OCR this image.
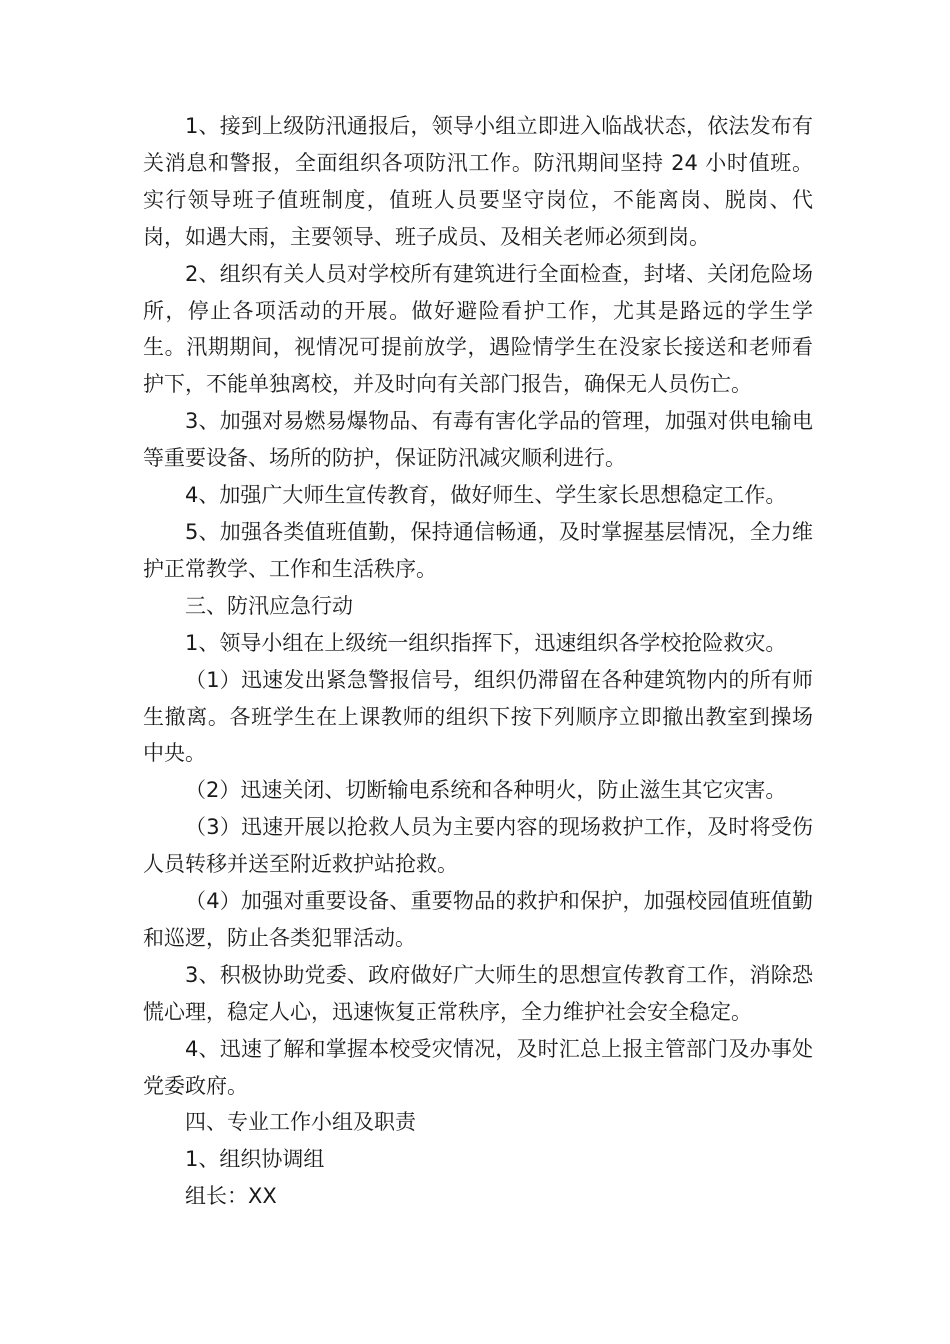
1、接到上级防汛通报后，领导小组立即进入临战状态，依法发布有关消息和警报，全面组织各项防汛工作。防汛期间坚持 24 小时值班。实行领导班子值班制度，值班人员要坚守岗位，不能离岗、脱岗、代岗，如遇大雨，主要领导、班子成员、及相关老师必须到岗。

2、组织有关人员对学校所有建筑进行全面检查，封堵、关闭危险场所，停止各项活动的开展。做好避险看护工作，尤其是路远的学生学生。汛期期间，视情况可提前放学，遇险情学生在没家长接送和老师看护下，不能单独离校，并及时向有关部门报告，确保无人员伤亡。

3、加强对易燃易爆物品、有毒有害化学品的管理，加强对供电输电等重要设备、场所的防护，保证防汛减灾顺利进行。

4、加强广大师生宣传教育，做好师生、学生家长思想稳定工作。

5、加强各类值班值勤，保持通信畅通，及时掌握基层情况，全力维护正常教学、工作和生活秩序。

三、防汛应急行动

1、领导小组在上级统一组织指挥下，迅速组织各学校抢险救灾。

（1）迅速发出紧急警报信号，组织仍滞留在各种建筑物内的所有师生撤离。各班学生在上课教师的组织下按下列顺序立即撤出教室到操场中央。

（2）迅速关闭、切断输电系统和各种明火，防止滋生其它灾害。

（3）迅速开展以抢救人员为主要内容的现场救护工作，及时将受伤人员转移并送至附近救护站抢救。

（4）加强对重要设备、重要物品的救护和保护，加强校园值班值勤和巡逻，防止各类犯罪活动。

3、积极协助党委、政府做好广大师生的思想宣传教育工作，消除恐慌心理，稳定人心，迅速恢复正常秩序，全力维护社会安全稳定。

4、迅速了解和掌握本校受灾情况，及时汇总上报主管部门及办事处党委政府。

四、专业工作小组及职责

1、组织协调组

组长：XX
